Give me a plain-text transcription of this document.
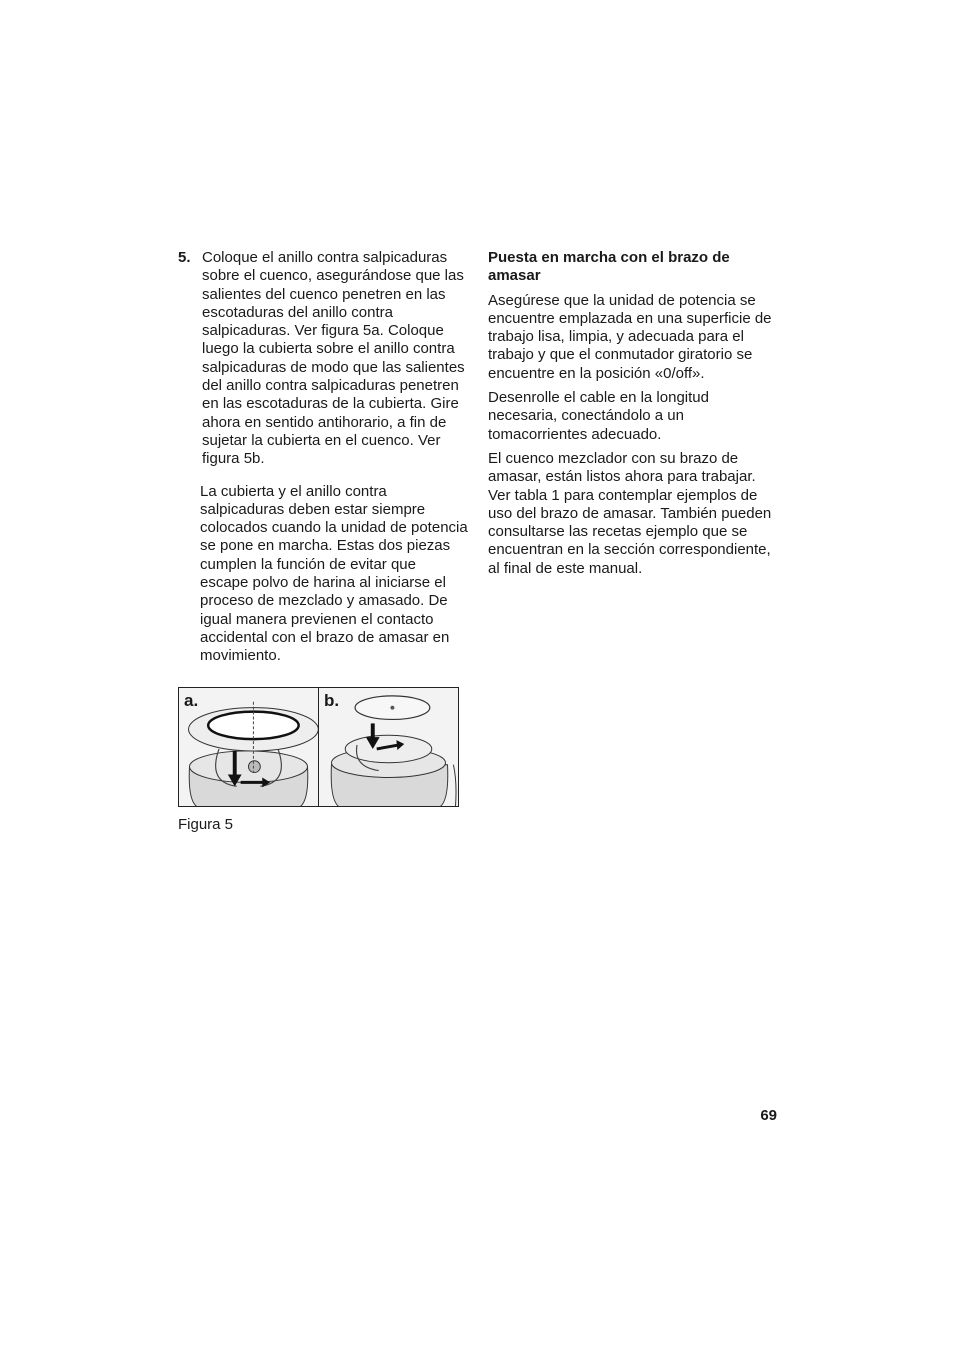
5. Coloque el anillo contra salpicaduras sobre el cuenco, asegurándose que las salientes del cuenco penetren en las escotaduras del anillo contra salpicaduras. Ver figura 5a. Coloque luego la cubierta sobre el anillo contra salpicaduras de modo que las salientes del anillo contra salpicaduras penetren en las escotaduras de la cubierta. Gire ahora en sentido antihorario, a fin de sujetar la cubierta en el cuenco. Ver figura 5b.

La cubierta y el anillo contra salpicaduras deben estar siempre colocados cuando la unidad de potencia se pone en marcha. Estas dos piezas cumplen la función de evitar que escape polvo de harina al iniciarse el proceso de mezclado y amasado. De igual manera previenen el contacto accidental con el brazo de amasar en movimiento.

Puesta en marcha con el brazo de amasar

Asegúrese que la unidad de potencia se encuentre emplazada en una superficie de trabajo lisa, limpia, y adecuada para el trabajo y que el conmutador giratorio se encuentre en la posición «0/off».

Desenrolle el cable en la longitud necesaria, conectándolo a un tomacorrientes adecuado.

El cuenco mezclador con su brazo de amasar, están listos ahora para trabajar. Ver tabla 1 para contemplar ejemplos de uso del brazo de amasar. También pueden consultarse las recetas ejemplo que se encuentran en la sección correspondiente, al final de este manual.

a.	b.
Figura 5
69
